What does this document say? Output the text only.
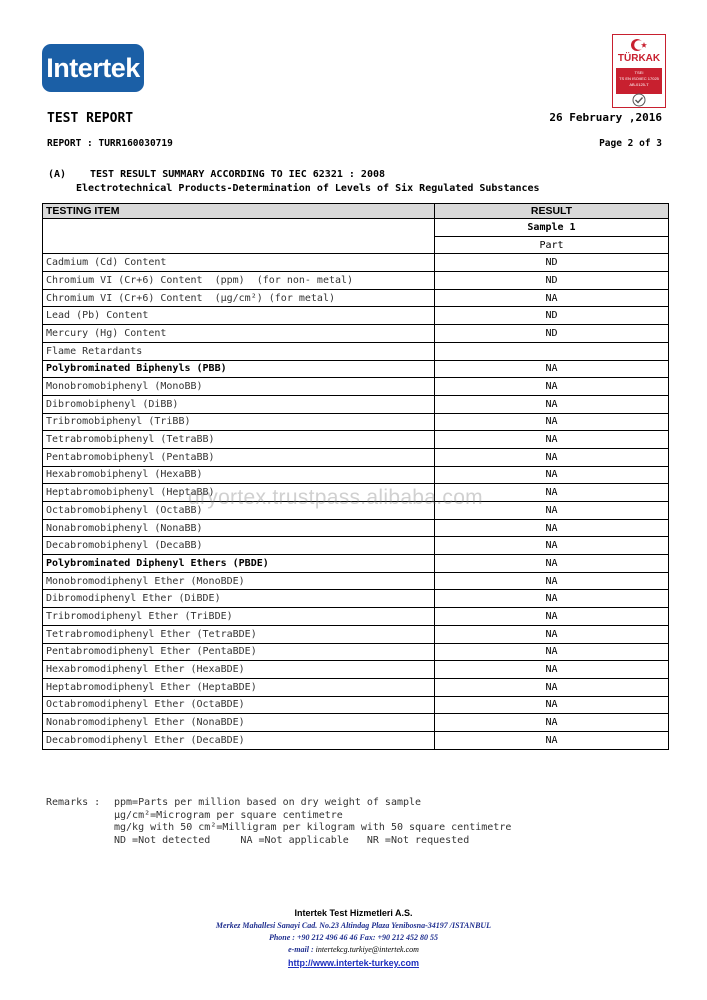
Intertek	TÜRKAK
TSEI
TS EN ISO/IEC 17025
AB-0125-T
TEST REPORT	26 February ,2016
REPORT : TURR160030719	Page 2 of 3
(A) TEST RESULT SUMMARY ACCORDING TO IEC 62321 : 2008
Electrotechnical Products-Determination of Levels of Six Regulated Substances
TESTING ITEM	RESULT
	Sample 1
	Part
Cadmium (Cd) Content	ND
Chromium VI (Cr+6) Content  (ppm)  (for non- metal)	ND
Chromium VI (Cr+6) Content  (µg/cm²) (for metal)	NA
Lead (Pb) Content	ND
Mercury (Hg) Content	ND
Flame Retardants	
Polybrominated Biphenyls (PBB)	NA
Monobromobiphenyl (MonoBB)	NA
Dibromobiphenyl (DiBB)	NA
Tribromobiphenyl (TriBB)	NA
Tetrabromobiphenyl (TetraBB)	NA
Pentabromobiphenyl (PentaBB)	NA
Hexabromobiphenyl (HexaBB)	NA
Heptabromobiphenyl (HeptaBB)	NA
Octabromobiphenyl (OctaBB)	NA
Nonabromobiphenyl (NonaBB)	NA
Decabromobiphenyl (DecaBB)	NA
Polybrominated Diphenyl Ethers (PBDE)	NA
Monobromodiphenyl Ether (MonoBDE)	NA
Dibromodiphenyl Ether (DiBDE)	NA
Tribromodiphenyl Ether (TriBDE)	NA
Tetrabromodiphenyl Ether (TetraBDE)	NA
Pentabromodiphenyl Ether (PentaBDE)	NA
Hexabromodiphenyl Ether (HexaBDE)	NA
Heptabromodiphenyl Ether (HeptaBDE)	NA
Octabromodiphenyl Ether (OctaBDE)	NA
Nonabromodiphenyl Ether (NonaBDE)	NA
Decabromodiphenyl Ether (DecaBDE)	NA
dryortex.trustpass.alibaba.com
Remarks : ppm=Parts per million based on dry weight of sample
µg/cm²=Microgram per square centimetre
mg/kg with 50 cm²=Milligram per kilogram with 50 square centimetre
ND =Not detected     NA =Not applicable   NR =Not requested
Intertek Test Hizmetleri A.S.
Merkez Mahallesi Sanayi Cad. No.23 Altindag Plaza Yenibosna-34197 /ISTANBUL
Phone : +90 212 496 46 46 Fax: +90 212 452 80 55
e-mail : intertekcg.turkiye@intertek.com
http://www.intertek-turkey.com
